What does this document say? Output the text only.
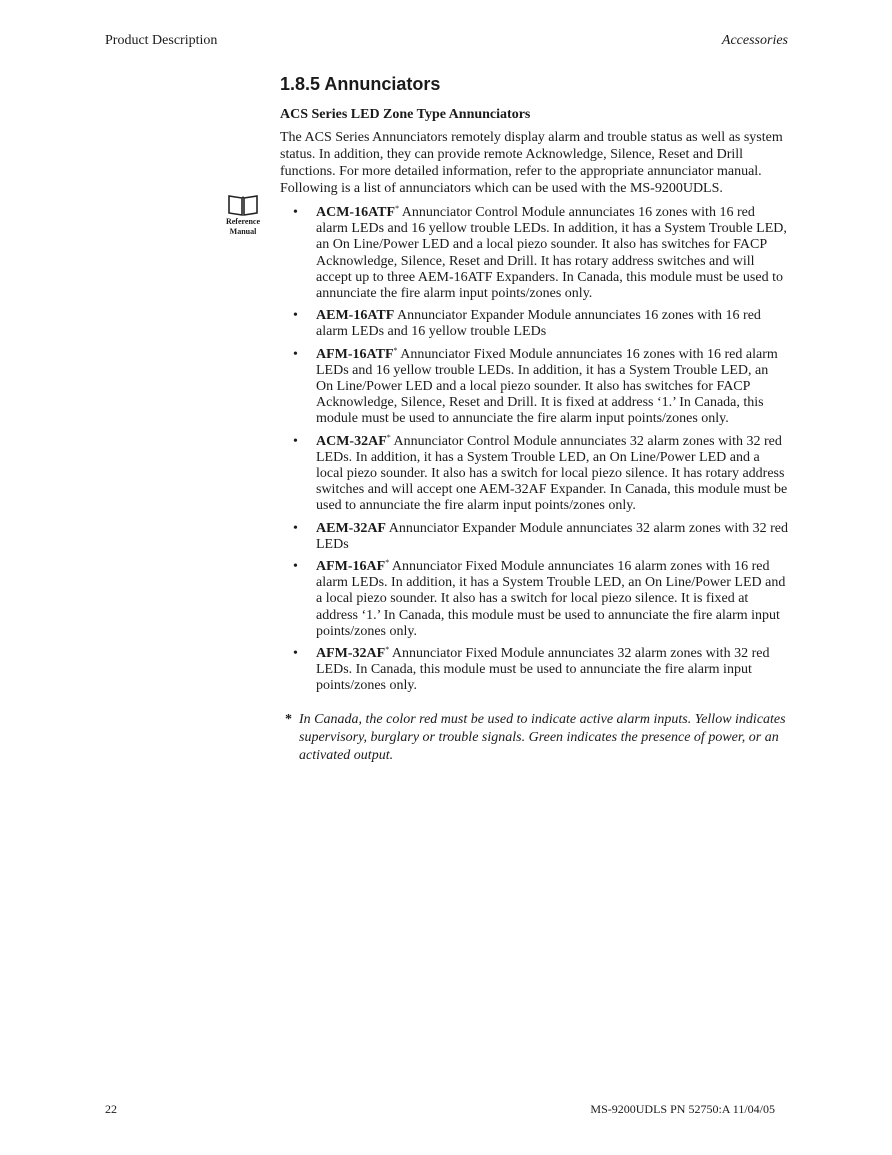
Product Description	Accessories
Reference
Manual
1.8.5 Annunciators

ACS Series LED Zone Type Annunciators

The ACS Series Annunciators remotely display alarm and trouble status as well as system status. In addition, they can provide remote Acknowledge, Silence, Reset and Drill functions. For more detailed information, refer to the appropriate annunciator manual. Following is a list of annunciators which can be used with the MS-9200UDLS.

• ACM-16ATF* Annunciator Control Module annunciates 16 zones with 16 red alarm LEDs and 16 yellow trouble LEDs. In addition, it has a System Trouble LED, an On Line/Power LED and a local piezo sounder. It also has switches for FACP Acknowledge, Silence, Reset and Drill. It has rotary address switches and will accept up to three AEM-16ATF Expanders. In Canada, this module must be used to annunciate the fire alarm input points/zones only.
• AEM-16ATF Annunciator Expander Module annunciates 16 zones with 16 red alarm LEDs and 16 yellow trouble LEDs
• AFM-16ATF* Annunciator Fixed Module annunciates 16 zones with 16 red alarm LEDs and 16 yellow trouble LEDs. In addition, it has a System Trouble LED, an On Line/Power LED and a local piezo sounder. It also has switches for FACP Acknowledge, Silence, Reset and Drill. It is fixed at address ‘1.’ In Canada, this module must be used to annunciate the fire alarm input points/zones only.
• ACM-32AF* Annunciator Control Module annunciates 32 alarm zones with 32 red LEDs. In addition, it has a System Trouble LED, an On Line/Power LED and a local piezo sounder. It also has a switch for local piezo silence. It has rotary address switches and will accept one AEM-32AF Expander. In Canada, this module must be used to annunciate the fire alarm input points/zones only.
• AEM-32AF Annunciator Expander Module annunciates 32 alarm zones with 32 red LEDs
• AFM-16AF* Annunciator Fixed Module annunciates 16 alarm zones with 16 red alarm LEDs. In addition, it has a System Trouble LED, an On Line/Power LED and a local piezo sounder. It also has a switch for local piezo silence. It is fixed at address ‘1.’ In Canada, this module must be used to annunciate the fire alarm input points/zones only.
• AFM-32AF* Annunciator Fixed Module annunciates 32 alarm zones with 32 red LEDs. In Canada, this module must be used to annunciate the fire alarm input points/zones only.
* In Canada, the color red must be used to indicate active alarm inputs. Yellow indicates supervisory, burglary or trouble signals. Green indicates the presence of power, or an activated output.
22	MS-9200UDLS PN 52750:A 11/04/05
